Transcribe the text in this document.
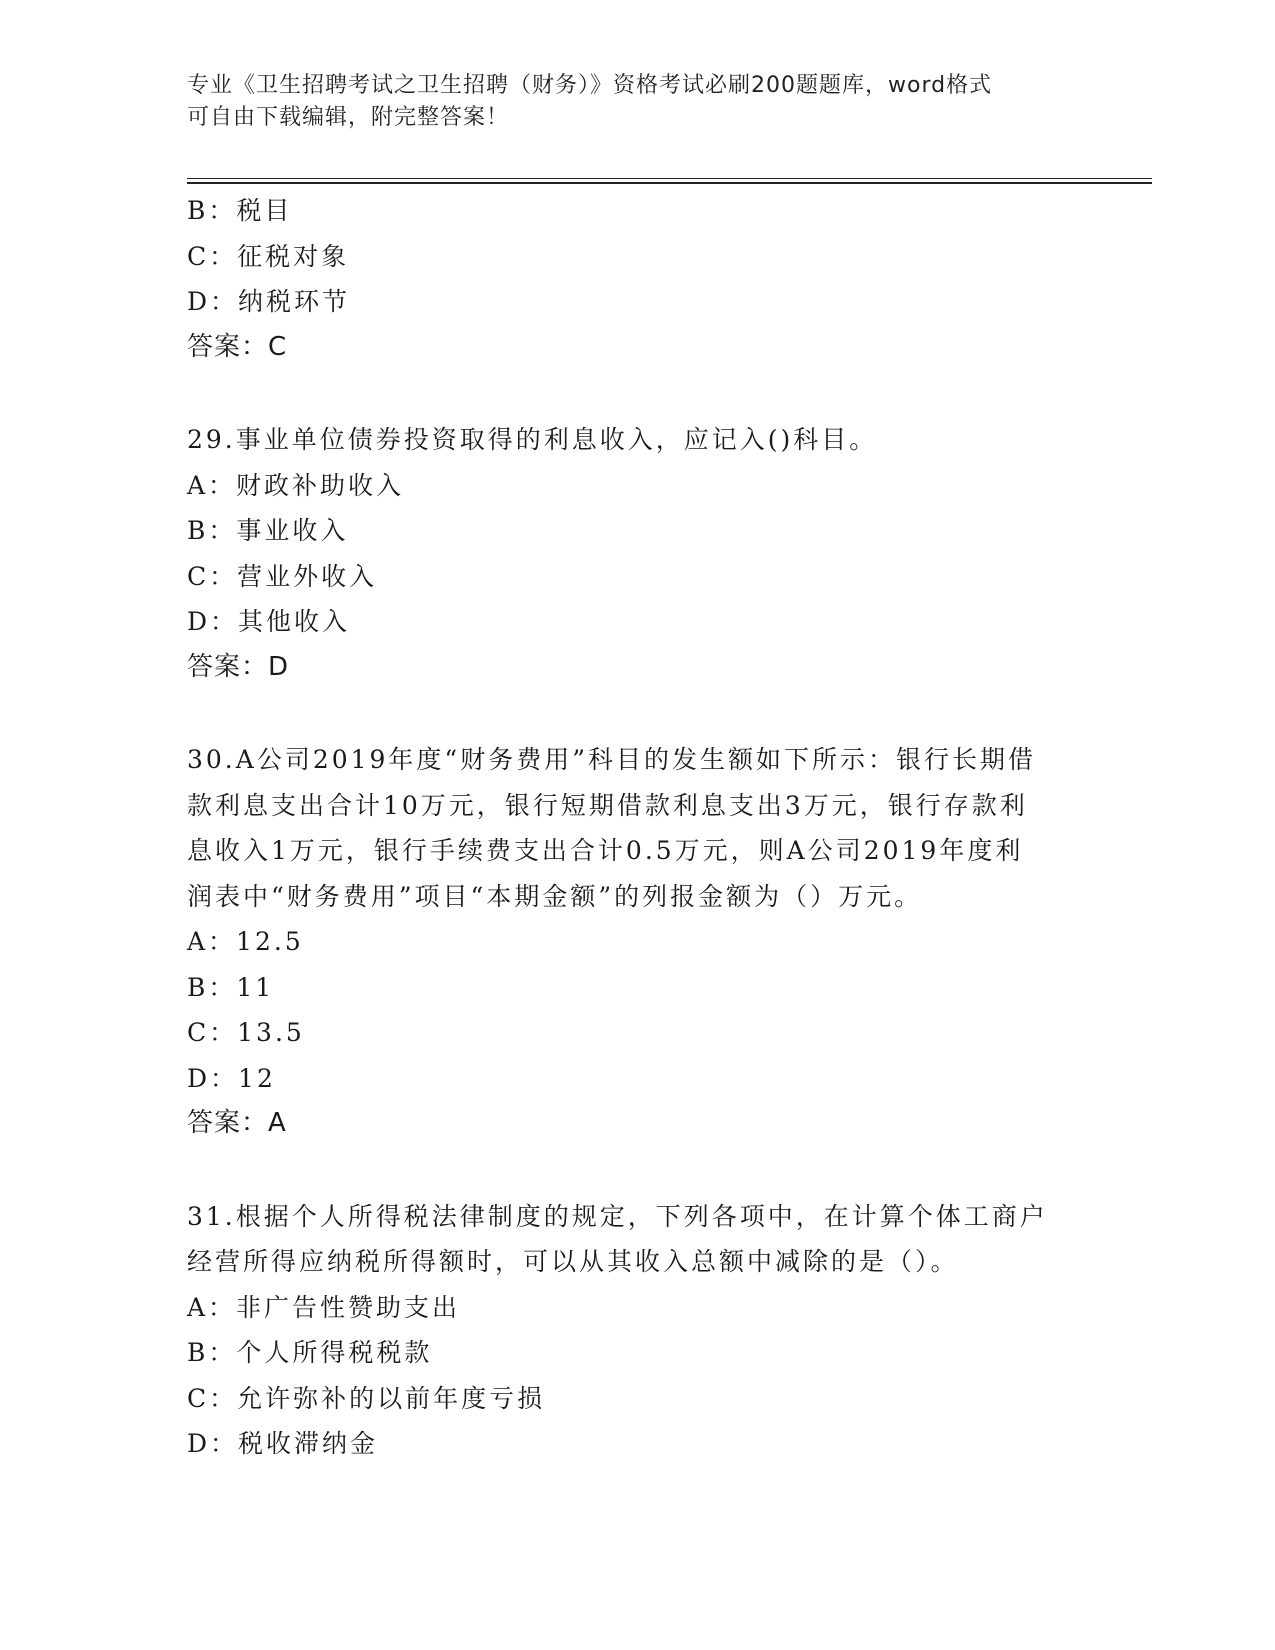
专业《卫生招聘考试之卫生招聘（财务）》资格考试必刷200题题库，word格式
可自由下载编辑，附完整答案！
B：税目
C：征税对象
D：纳税环节
答案：C
29.事业单位债券投资取得的利息收入，应记入()科目。
A：财政补助收入
B：事业收入
C：营业外收入
D：其他收入
答案：D
30.A公司2019年度“财务费用”科目的发生额如下所示：银行长期借
款利息支出合计10万元，银行短期借款利息支出3万元，银行存款利
息收入1万元，银行手续费支出合计0.5万元，则A公司2019年度利
润表中“财务费用”项目“本期金额”的列报金额为（）万元。
A：12.5
B：11
C：13.5
D：12
答案：A
31.根据个人所得税法律制度的规定，下列各项中，在计算个体工商户
经营所得应纳税所得额时，可以从其收入总额中减除的是（）。
A：非广告性赞助支出
B：个人所得税税款
C：允许弥补的以前年度亏损
D：税收滞纳金
